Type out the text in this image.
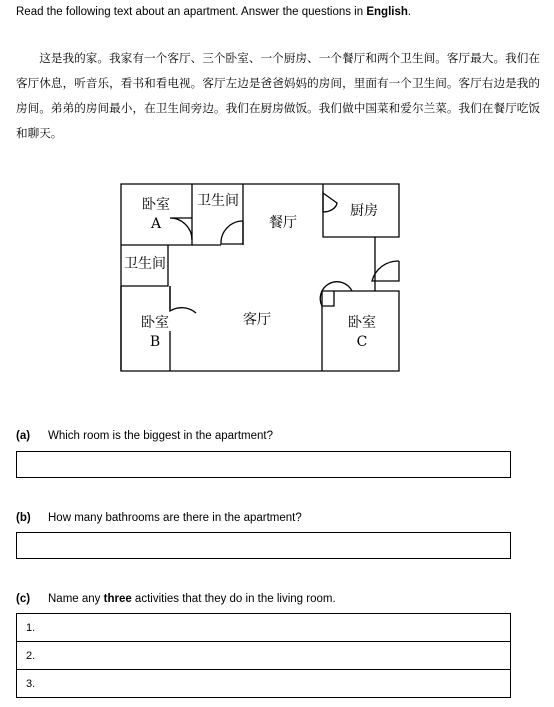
Read the following text about an apartment. Answer the questions in English.

这是我的家。我家有一个客厅、三个卧室、一个厨房、一个餐厅和两个卫生间。客厅最大。我们在客厅休息，听音乐，看书和看电视。客厅左边是爸爸妈妈的房间，里面有一个卫生间。客厅右边是我的房间。弟弟的房间最小，在卫生间旁边。我们在厨房做饭。我们做中国菜和爱尔兰菜。我们在餐厅吃饭和聊天。

卧室
A
卫生间
餐厅
厨房
卫生间
客厅
卧室
B
卧室
C
(a) Which room is the biggest in the apartment?
(b) How many bathrooms are there in the apartment?
(c) Name any three activities that they do in the living room.
1.
2.
3.
